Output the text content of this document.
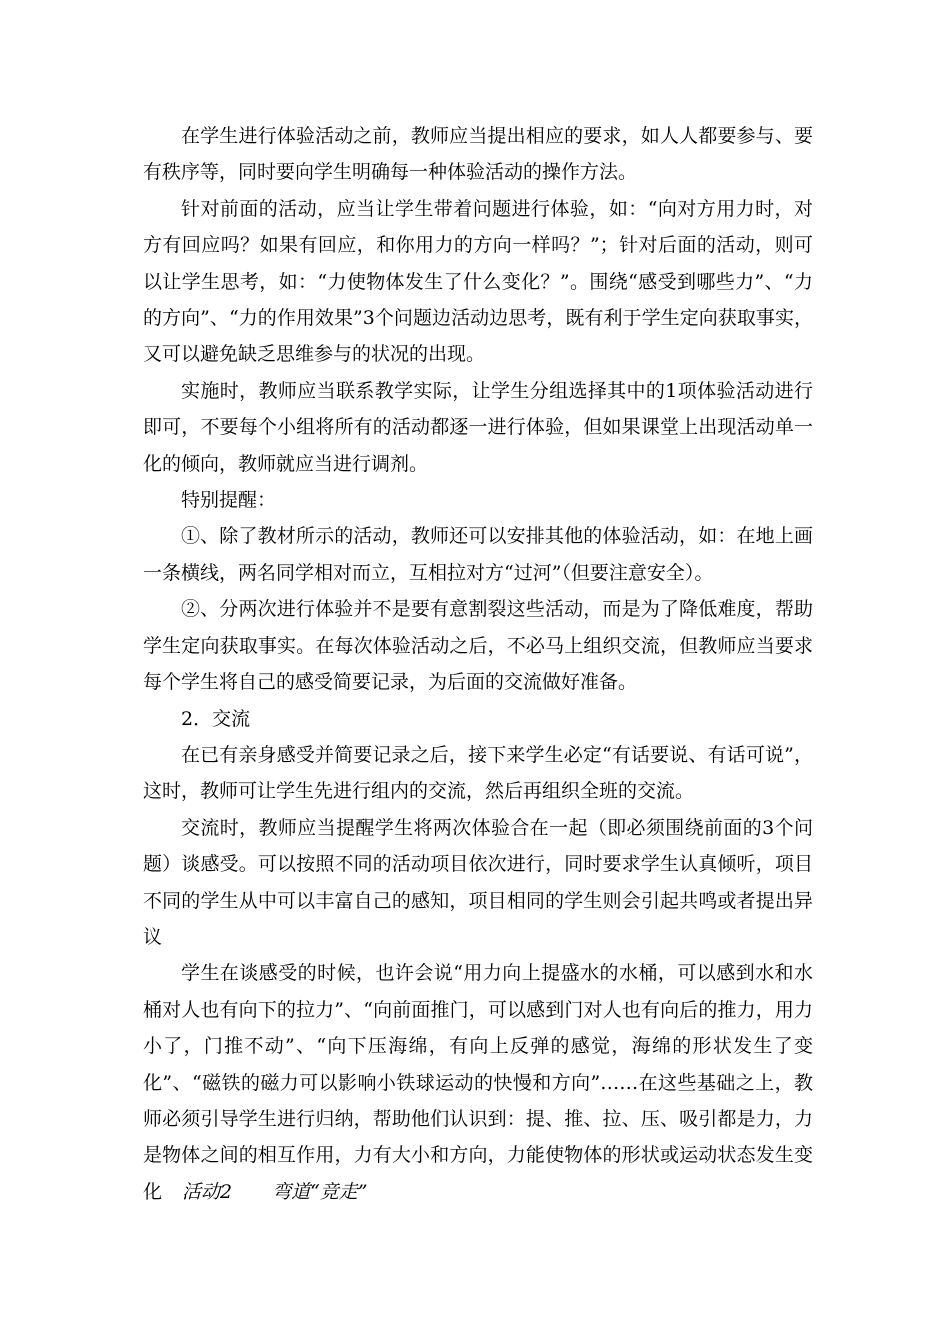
在学生进行体验活动之前，教师应当提出相应的要求，如人人都要参与、要有秩序等，同时要向学生明确每一种体验活动的操作方法。

针对前面的活动，应当让学生带着问题进行体验，如：“向对方用力时，对方有回应吗？如果有回应，和你用力的方向一样吗？”；针对后面的活动，则可以让学生思考，如：“力使物体发生了什么变化？”。围绕“感受到哪些力”、“力的方向”、“力的作用效果”3个问题边活动边思考，既有利于学生定向获取事实，又可以避免缺乏思维参与的状况的出现。

实施时，教师应当联系教学实际，让学生分组选择其中的1项体验活动进行即可，不要每个小组将所有的活动都逐一进行体验，但如果课堂上出现活动单一化的倾向，教师就应当进行调剂。

特别提醒：

①、除了教材所示的活动，教师还可以安排其他的体验活动，如：在地上画一条横线，两名同学相对而立，互相拉对方“过河”（但要注意安全）。

②、分两次进行体验并不是要有意割裂这些活动，而是为了降低难度，帮助学生定向获取事实。在每次体验活动之后，不必马上组织交流，但教师应当要求每个学生将自己的感受简要记录，为后面的交流做好准备。

2．交流

在已有亲身感受并简要记录之后，接下来学生必定“有话要说、有话可说”，这时，教师可让学生先进行组内的交流，然后再组织全班的交流。

交流时，教师应当提醒学生将两次体验合在一起（即必须围绕前面的3个问题）谈感受。可以按照不同的活动项目依次进行，同时要求学生认真倾听，项目不同的学生从中可以丰富自己的感知，项目相同的学生则会引起共鸣或者提出异议

学生在谈感受的时候，也许会说“用力向上提盛水的水桶，可以感到水和水桶对人也有向下的拉力”、“向前面推门，可以感到门对人也有向后的推力，用力小了，门推不动”、“向下压海绵，有向上反弹的感觉，海绵的形状发生了变化”、“磁铁的磁力可以影响小铁球运动的快慢和方向”……在这些基础之上，教师必须引导学生进行归纳，帮助他们认识到：提、推、拉、压、吸引都是力，力是物体之间的相互作用，力有大小和方向，力能使物体的形状或运动状态发生变化	活动2 弯道“竞走”
